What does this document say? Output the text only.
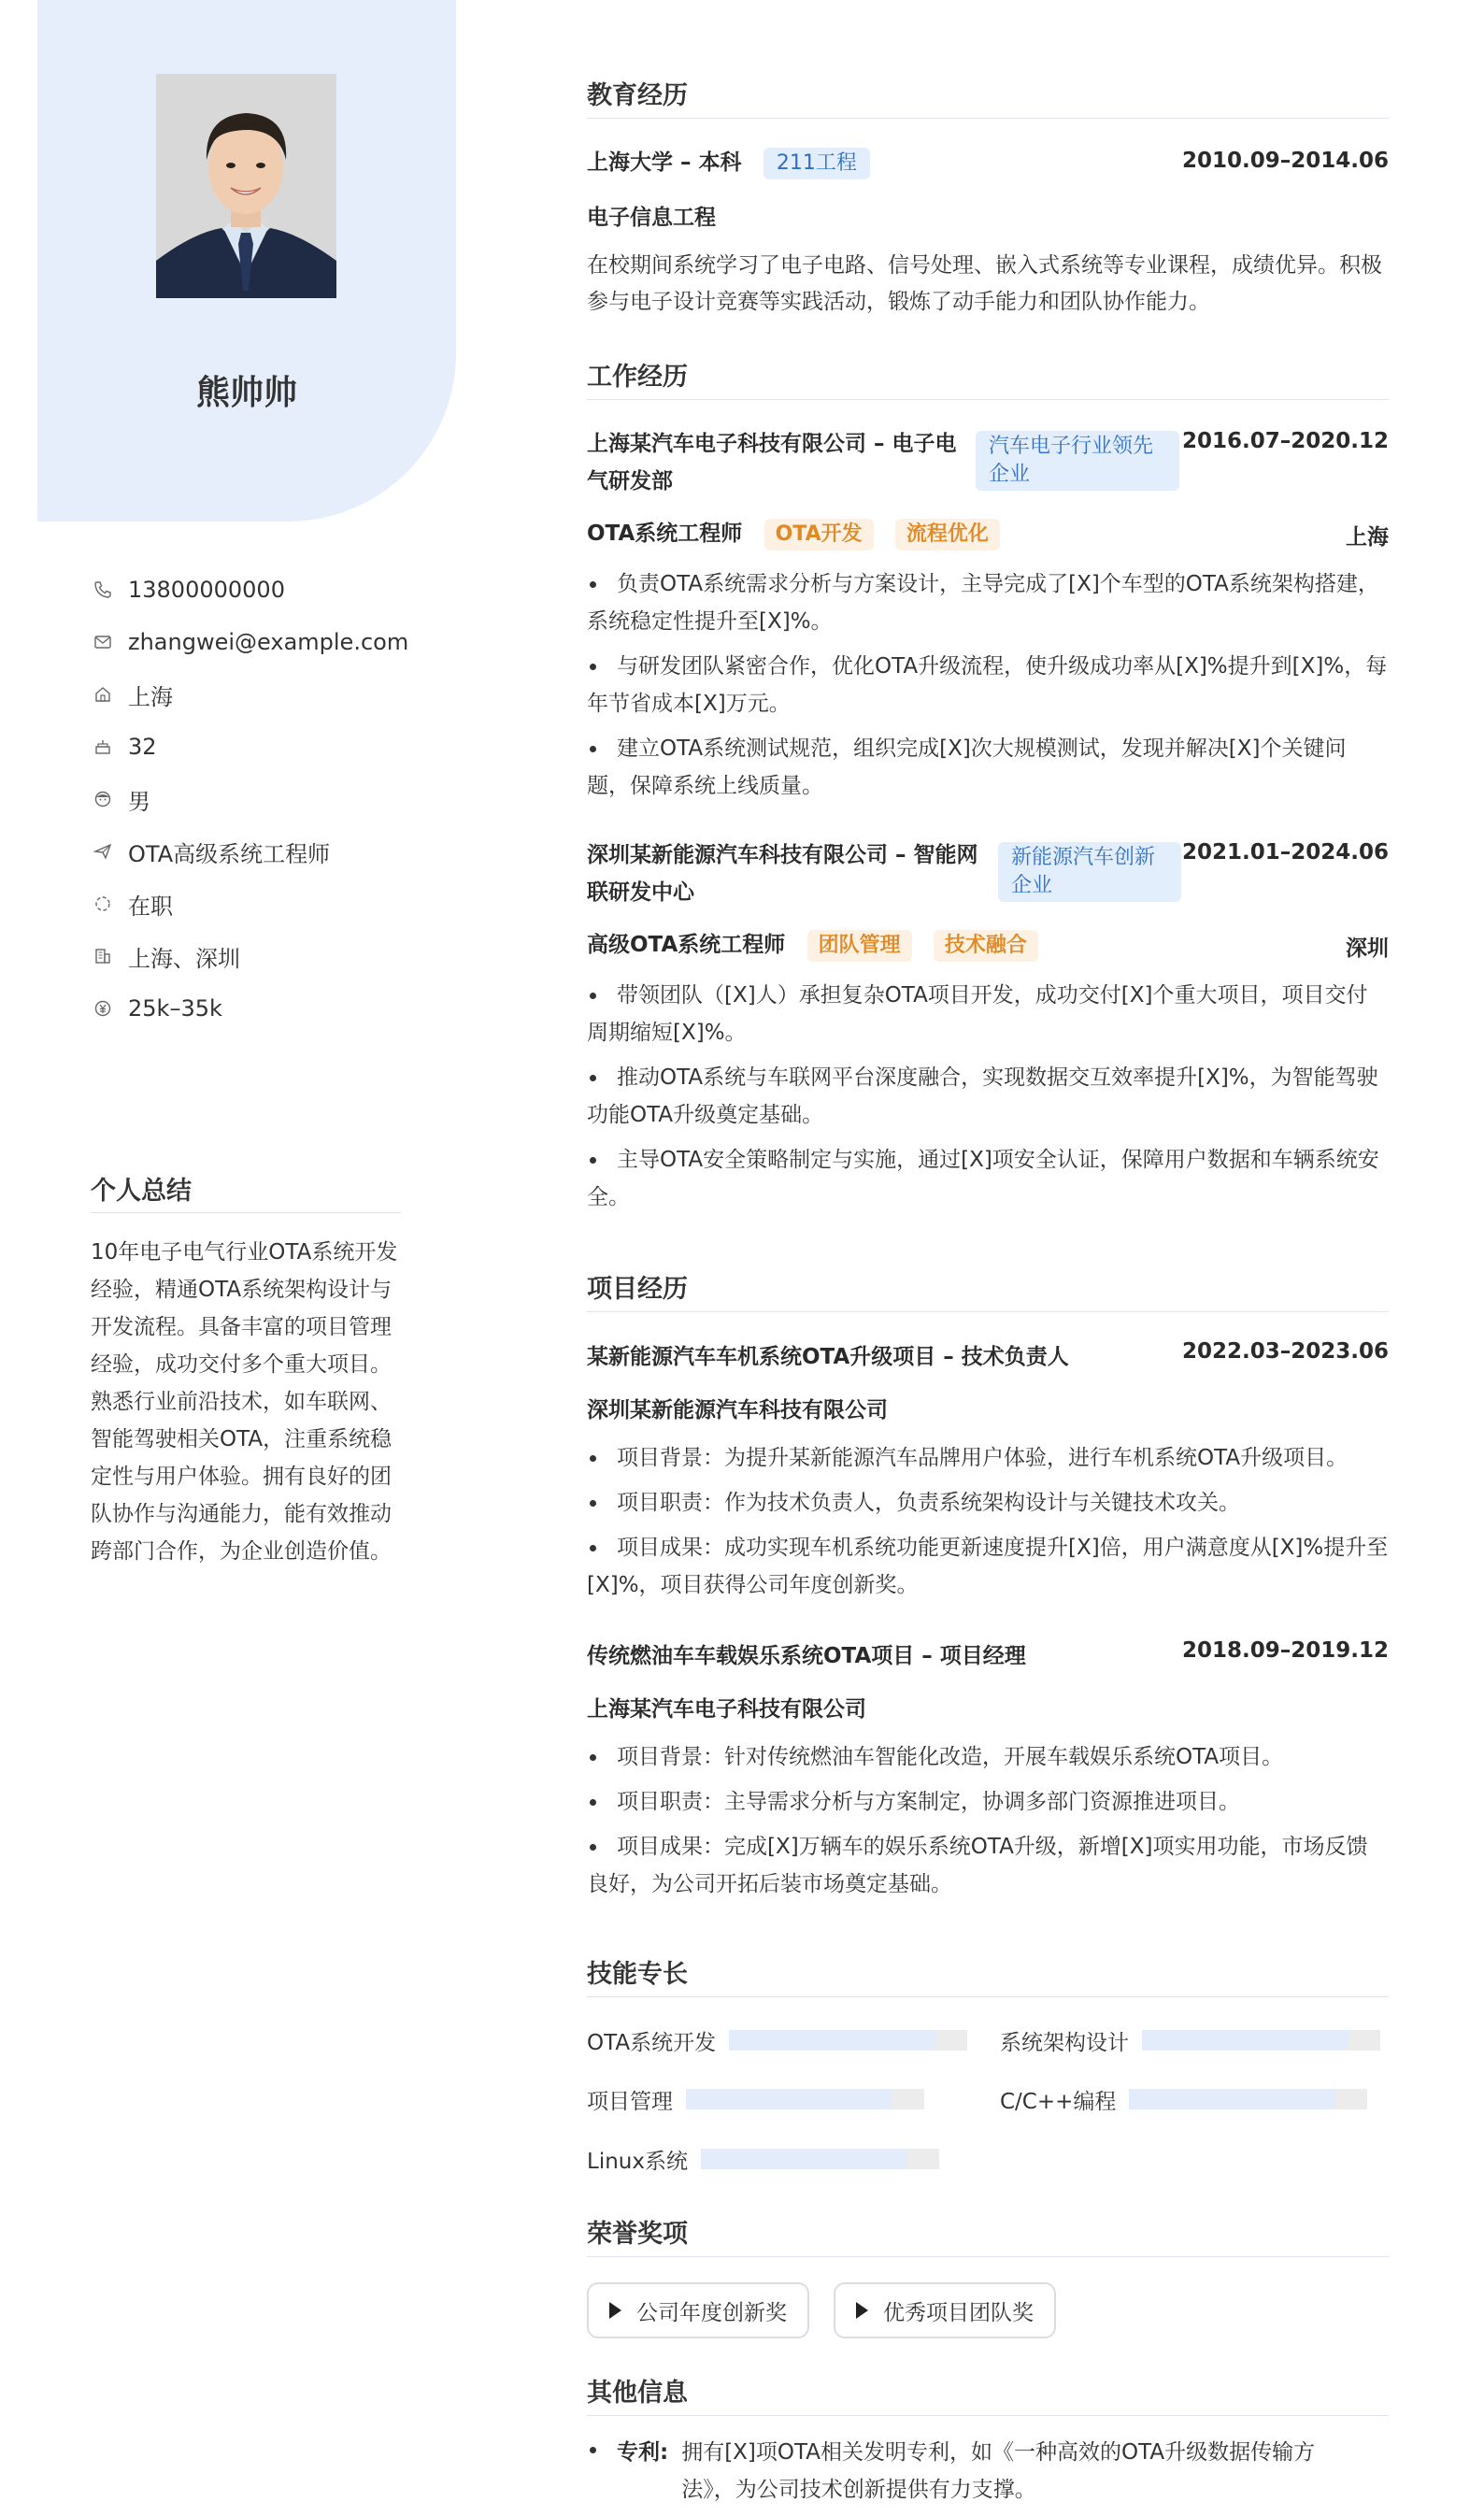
熊帅帅
13800000000
zhangwei@example.com
上海
32
男
OTA高级系统工程师
在职
上海、深圳
25k–35k
个人总结
10年电子电气行业OTA系统开发经验，精通OTA系统架构设计与开发流程。具备丰富的项目管理经验，成功交付多个重大项目。熟悉行业前沿技术，如车联网、智能驾驶相关OTA，注重系统稳定性与用户体验。拥有良好的团队协作与沟通能力，能有效推动跨部门合作，为企业创造价值。
教育经历
上海大学 – 本科 211工程	2010.09–2014.06
电子信息工程
在校期间系统学习了电子电路、信号处理、嵌入式系统等专业课程，成绩优异。积极参与电子设计竞赛等实践活动，锻炼了动手能力和团队协作能力。
工作经历
上海某汽车电子科技有限公司 – 电子电气研发部
汽车电子行业领先企业
2016.07–2020.12
OTA系统工程师 OTA开发 流程优化	上海
负责OTA系统需求分析与方案设计，主导完成了[X]个车型的OTA系统架构搭建，系统稳定性提升至[X]%。
与研发团队紧密合作，优化OTA升级流程，使升级成功率从[X]%提升到[X]%，每年节省成本[X]万元。
建立OTA系统测试规范，组织完成[X]次大规模测试，发现并解决[X]个关键问题，保障系统上线质量。
深圳某新能源汽车科技有限公司 – 智能网联研发中心
新能源汽车创新企业
2021.01–2024.06
高级OTA系统工程师 团队管理 技术融合	深圳
带领团队（[X]人）承担复杂OTA项目开发，成功交付[X]个重大项目，项目交付周期缩短[X]%。
推动OTA系统与车联网平台深度融合，实现数据交互效率提升[X]%，为智能驾驶功能OTA升级奠定基础。
主导OTA安全策略制定与实施，通过[X]项安全认证，保障用户数据和车辆系统安全。
项目经历
某新能源汽车车机系统OTA升级项目 – 技术负责人	2022.03–2023.06
深圳某新能源汽车科技有限公司
项目背景：为提升某新能源汽车品牌用户体验，进行车机系统OTA升级项目。
项目职责：作为技术负责人，负责系统架构设计与关键技术攻关。
项目成果：成功实现车机系统功能更新速度提升[X]倍，用户满意度从[X]%提升至[X]%，项目获得公司年度创新奖。
传统燃油车车载娱乐系统OTA项目 – 项目经理	2018.09–2019.12
上海某汽车电子科技有限公司
项目背景：针对传统燃油车智能化改造，开展车载娱乐系统OTA项目。
项目职责：主导需求分析与方案制定，协调多部门资源推进项目。
项目成果：完成[X]万辆车的娱乐系统OTA升级，新增[X]项实用功能，市场反馈良好，为公司开拓后装市场奠定基础。
技能专长
OTA系统开发	系统架构设计
项目管理	C/C++编程
Linux系统
荣誉奖项
公司年度创新奖	优秀项目团队奖
其他信息
专利: 拥有[X]项OTA相关发明专利，如《一种高效的OTA升级数据传输方法》，为公司技术创新提供有力支撑。
